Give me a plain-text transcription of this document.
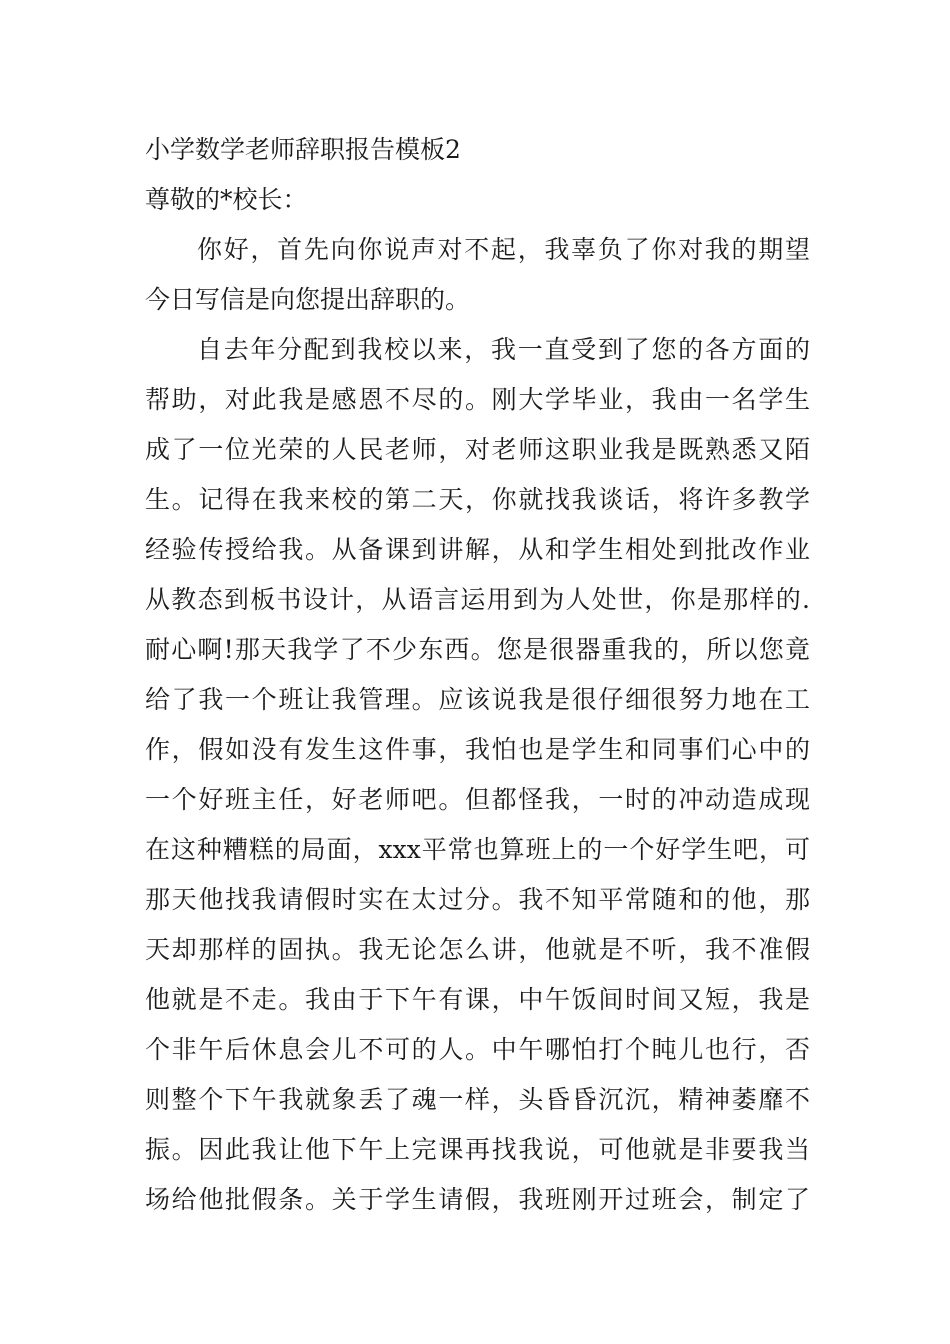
小学数学老师辞职报告模板2
尊敬的*校长：
你好，首先向你说声对不起，我辜负了你对我的期望
今日写信是向您提出辞职的。
自去年分配到我校以来，我一直受到了您的各方面的
帮助，对此我是感恩不尽的。刚大学毕业，我由一名学生
成了一位光荣的人民老师，对老师这职业我是既熟悉又陌
生。记得在我来校的第二天，你就找我谈话，将许多教学
经验传授给我。从备课到讲解，从和学生相处到批改作业
从教态到板书设计，从语言运用到为人处世，你是那样的.
耐心啊!那天我学了不少东西。您是很器重我的，所以您竟
给了我一个班让我管理。应该说我是很仔细很努力地在工
作，假如没有发生这件事，我怕也是学生和同事们心中的
一个好班主任，好老师吧。但都怪我，一时的冲动造成现
在这种糟糕的局面，xxx平常也算班上的一个好学生吧，可
那天他找我请假时实在太过分。我不知平常随和的他，那
天却那样的固执。我无论怎么讲，他就是不听，我不准假
他就是不走。我由于下午有课，中午饭间时间又短，我是
个非午后休息会儿不可的人。中午哪怕打个盹儿也行，否
则整个下午我就象丢了魂一样，头昏昏沉沉，精神萎靡不
振。因此我让他下午上完课再找我说，可他就是非要我当
场给他批假条。关于学生请假，我班刚开过班会，制定了
